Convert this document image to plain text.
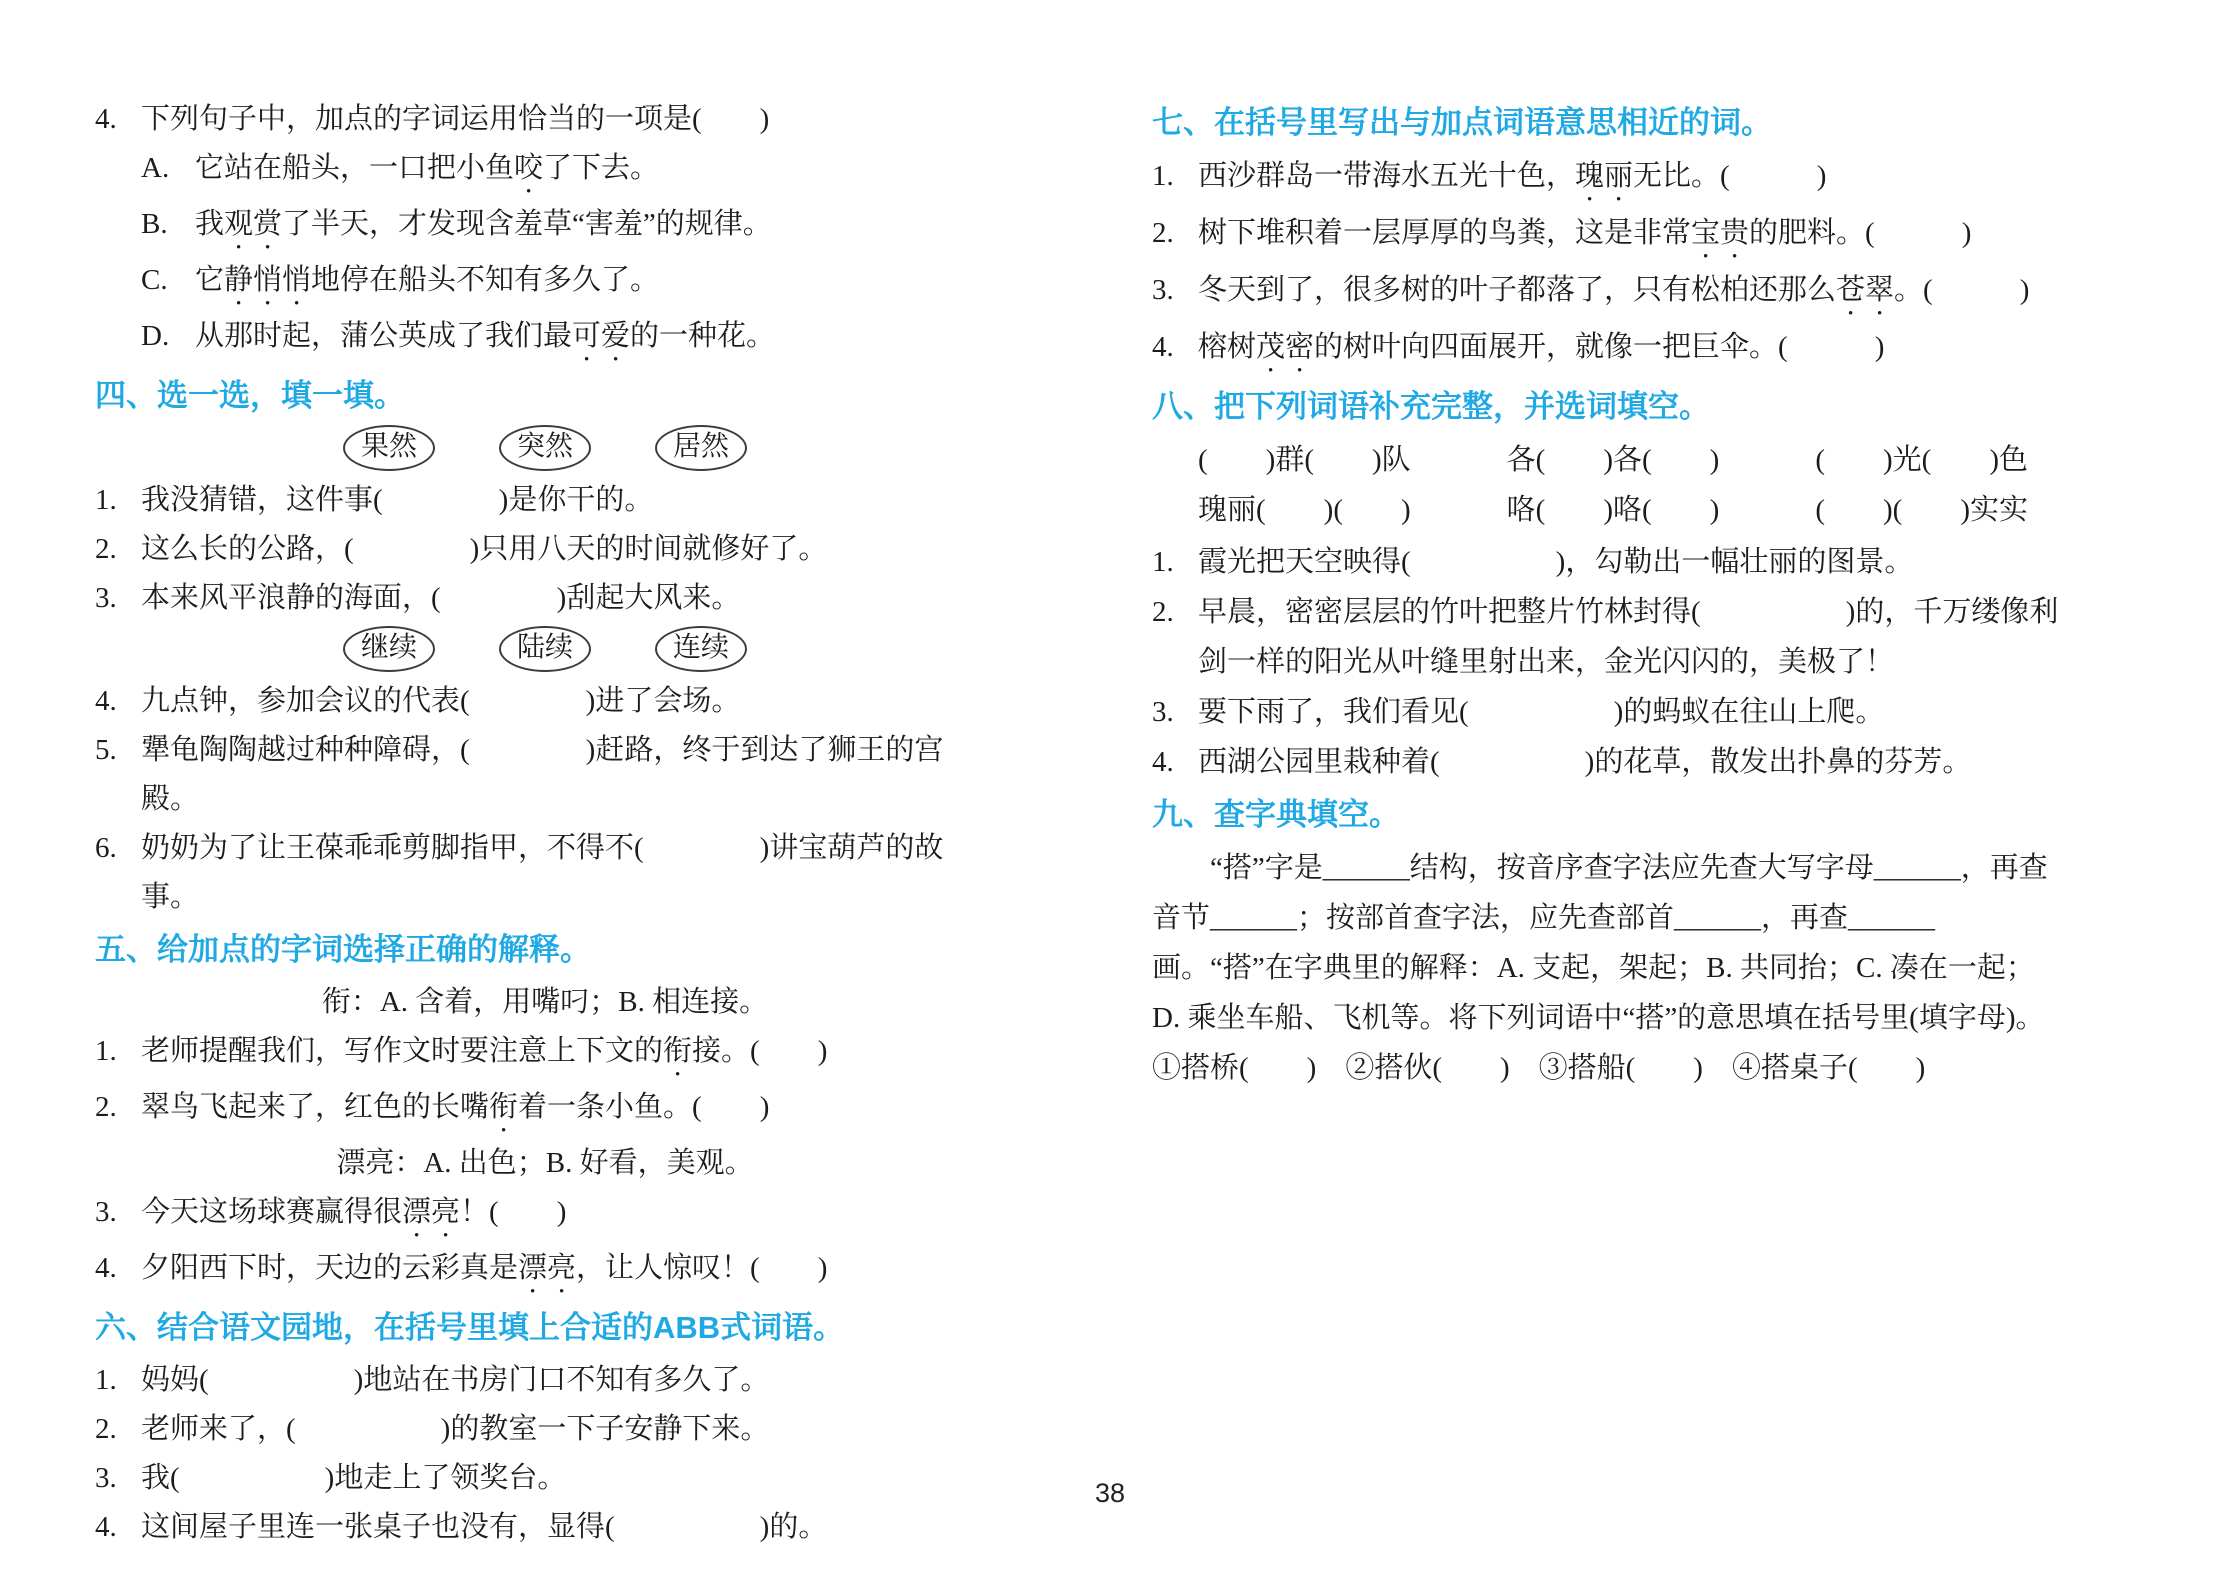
4. 下列句子中，加点的字词运用恰当的一项是(　　)
A. 它站在船头，一口把小鱼咬了下去。
B. 我观赏了半天，才发现含羞草“害羞”的规律。
C. 它静悄悄地停在船头不知有多久了。
D. 从那时起，蒲公英成了我们最可爱的一种花。
四、选一选，填一填。
果然	突然	居然
1. 我没猜错，这件事(　　　　)是你干的。
2. 这么长的公路，(　　　　)只用八天的时间就修好了。
3. 本来风平浪静的海面，(　　　　)刮起大风来。
继续	陆续	连续
4. 九点钟，参加会议的代表(　　　　)进了会场。
5. 犟龟陶陶越过种种障碍，(　　　　)赶路，终于到达了狮王的宫殿。
6. 奶奶为了让王葆乖乖剪脚指甲，不得不(　　　　)讲宝葫芦的故事。
五、给加点的字词选择正确的解释。
衔：A. 含着，用嘴叼；B. 相连接。
1. 老师提醒我们，写作文时要注意上下文的衔接。(　　)
2. 翠鸟飞起来了，红色的长嘴衔着一条小鱼。(　　)
漂亮：A. 出色；B. 好看，美观。
3. 今天这场球赛赢得很漂亮！(　　)
4. 夕阳西下时，天边的云彩真是漂亮，让人惊叹！(　　)
六、结合语文园地，在括号里填上合适的ABB式词语。
1. 妈妈(　　　　　)地站在书房门口不知有多久了。
2. 老师来了，(　　　　　)的教室一下子安静下来。
3. 我(　　　　　)地走上了领奖台。
4. 这间屋子里连一张桌子也没有，显得(　　　　　)的。
七、在括号里写出与加点词语意思相近的词。
1. 西沙群岛一带海水五光十色，瑰丽无比。(　　　)
2. 树下堆积着一层厚厚的鸟粪，这是非常宝贵的肥料。(　　　)
3. 冬天到了，很多树的叶子都落了，只有松柏还那么苍翠。(　　　)
4. 榕树茂密的树叶向四面展开，就像一把巨伞。(　　　)
八、把下列词语补充完整，并选词填空。
(　　)群(　　)队	各(　　)各(　　)	(　　)光(　　)色
瑰丽(　　)(　　)	咯(　　)咯(　　)	(　　)(　　)实实
1. 霞光把天空映得(　　　　　)，勾勒出一幅壮丽的图景。
2. 早晨，密密层层的竹叶把整片竹林封得(　　　　　)的，千万缕像利剑一样的阳光从叶缝里射出来，金光闪闪的，美极了！
3. 要下雨了，我们看见(　　　　　)的蚂蚁在往山上爬。
4. 西湖公园里栽种着(　　　　　)的花草，散发出扑鼻的芬芳。
九、查字典填空。

“搭”字是______结构，按音序查字法应先查大写字母______，再查音节______；按部首查字法，应先查部首______，再查______画。“搭”在字典里的解释：A. 支起，架起；B. 共同抬；C. 凑在一起；D. 乘坐车船、飞机等。将下列词语中“搭”的意思填在括号里(填字母)。

①搭桥(　　)　②搭伙(　　)　③搭船(　　)　④搭桌子(　　)
38
